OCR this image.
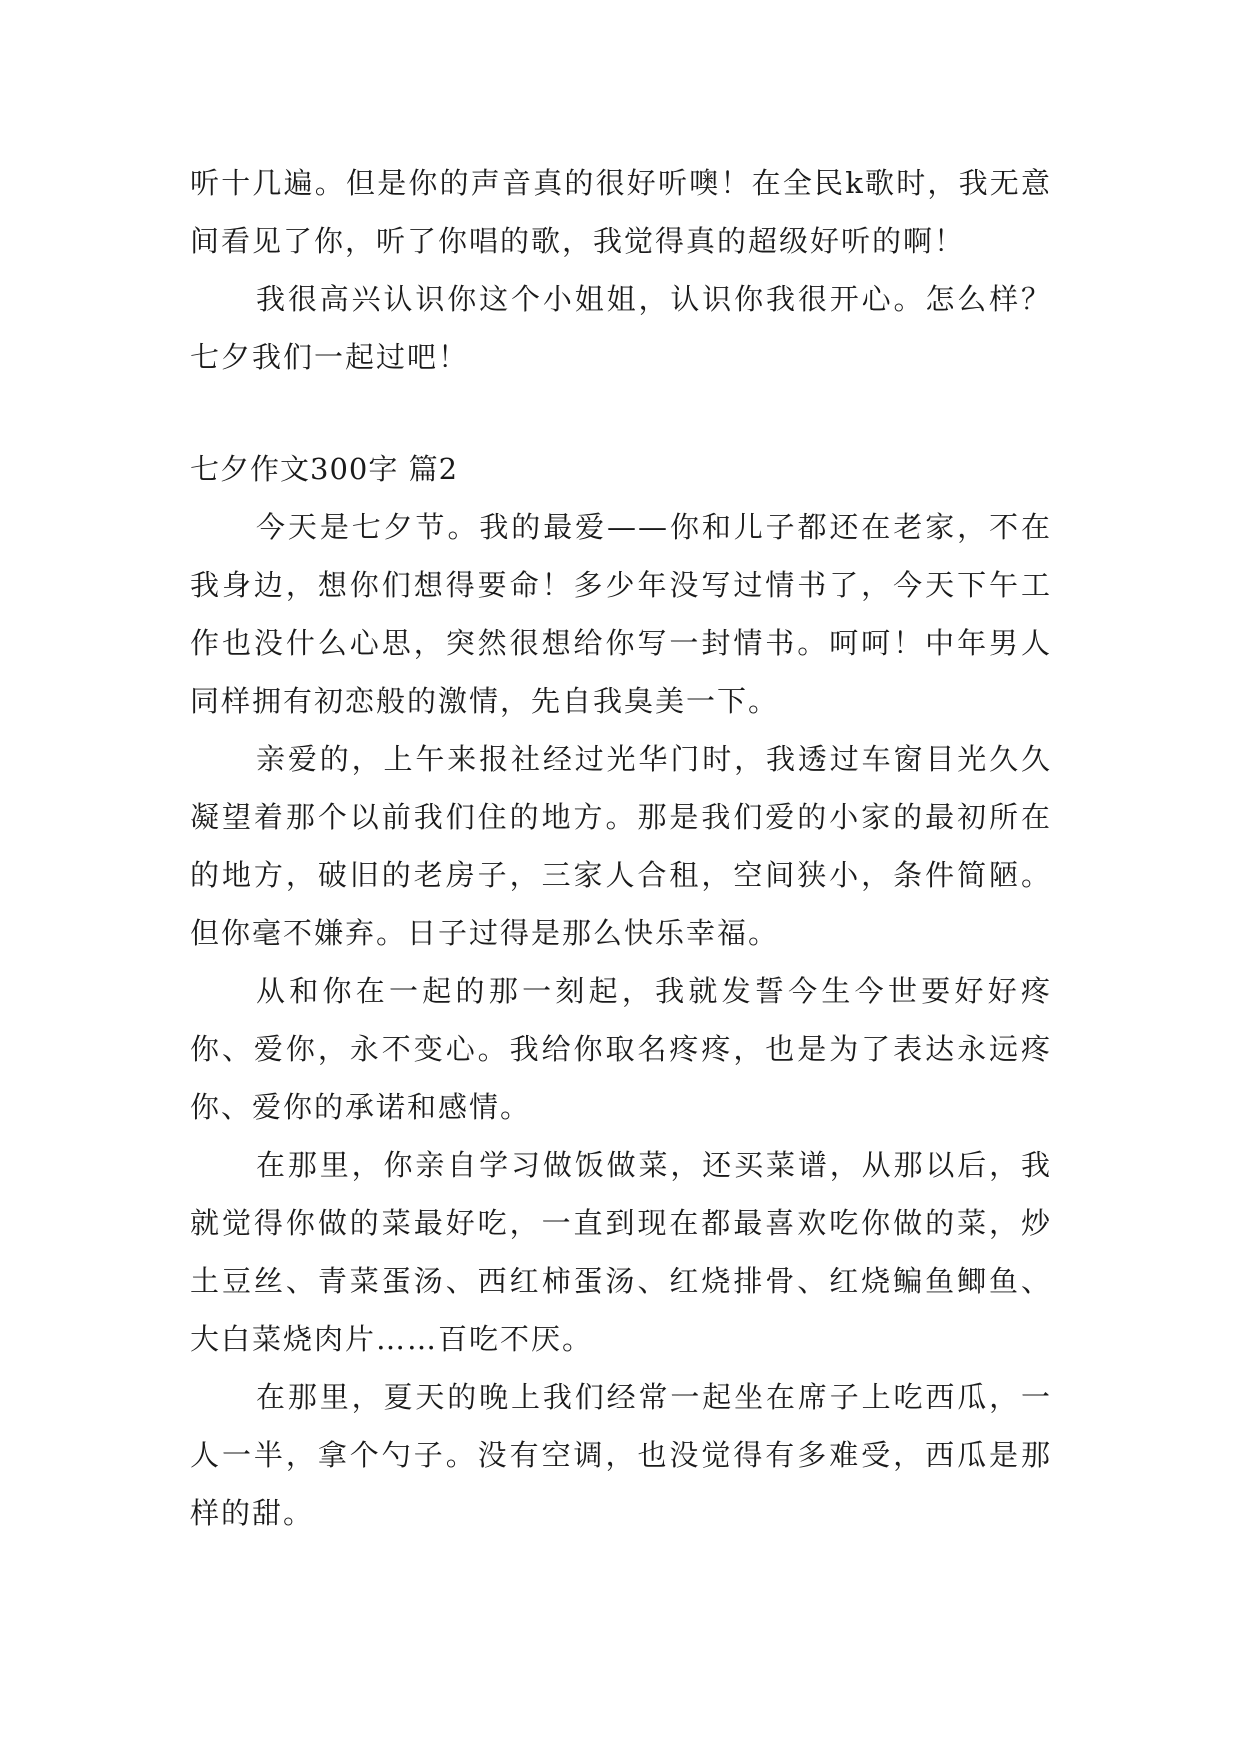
听十几遍。但是你的声音真的很好听噢！在全民k歌时，我无意间看见了你，听了你唱的歌，我觉得真的超级好听的啊！

我很高兴认识你这个小姐姐，认识你我很开心。怎么样？七夕我们一起过吧！

七夕作文300字 篇2

今天是七夕节。我的最爱——你和儿子都还在老家，不在我身边，想你们想得要命！多少年没写过情书了，今天下午工作也没什么心思，突然很想给你写一封情书。呵呵！中年男人同样拥有初恋般的激情，先自我臭美一下。

亲爱的，上午来报社经过光华门时，我透过车窗目光久久凝望着那个以前我们住的地方。那是我们爱的小家的最初所在的地方，破旧的老房子，三家人合租，空间狭小，条件简陋。但你毫不嫌弃。日子过得是那么快乐幸福。

从和你在一起的那一刻起，我就发誓今生今世要好好疼你、爱你，永不变心。我给你取名疼疼，也是为了表达永远疼你、爱你的承诺和感情。

在那里，你亲自学习做饭做菜，还买菜谱，从那以后，我就觉得你做的菜最好吃，一直到现在都最喜欢吃你做的菜，炒土豆丝、青菜蛋汤、西红柿蛋汤、红烧排骨、红烧鳊鱼鲫鱼、大白菜烧肉片……百吃不厌。

在那里，夏天的晚上我们经常一起坐在席子上吃西瓜，一人一半，拿个勺子。没有空调，也没觉得有多难受，西瓜是那样的甜。
